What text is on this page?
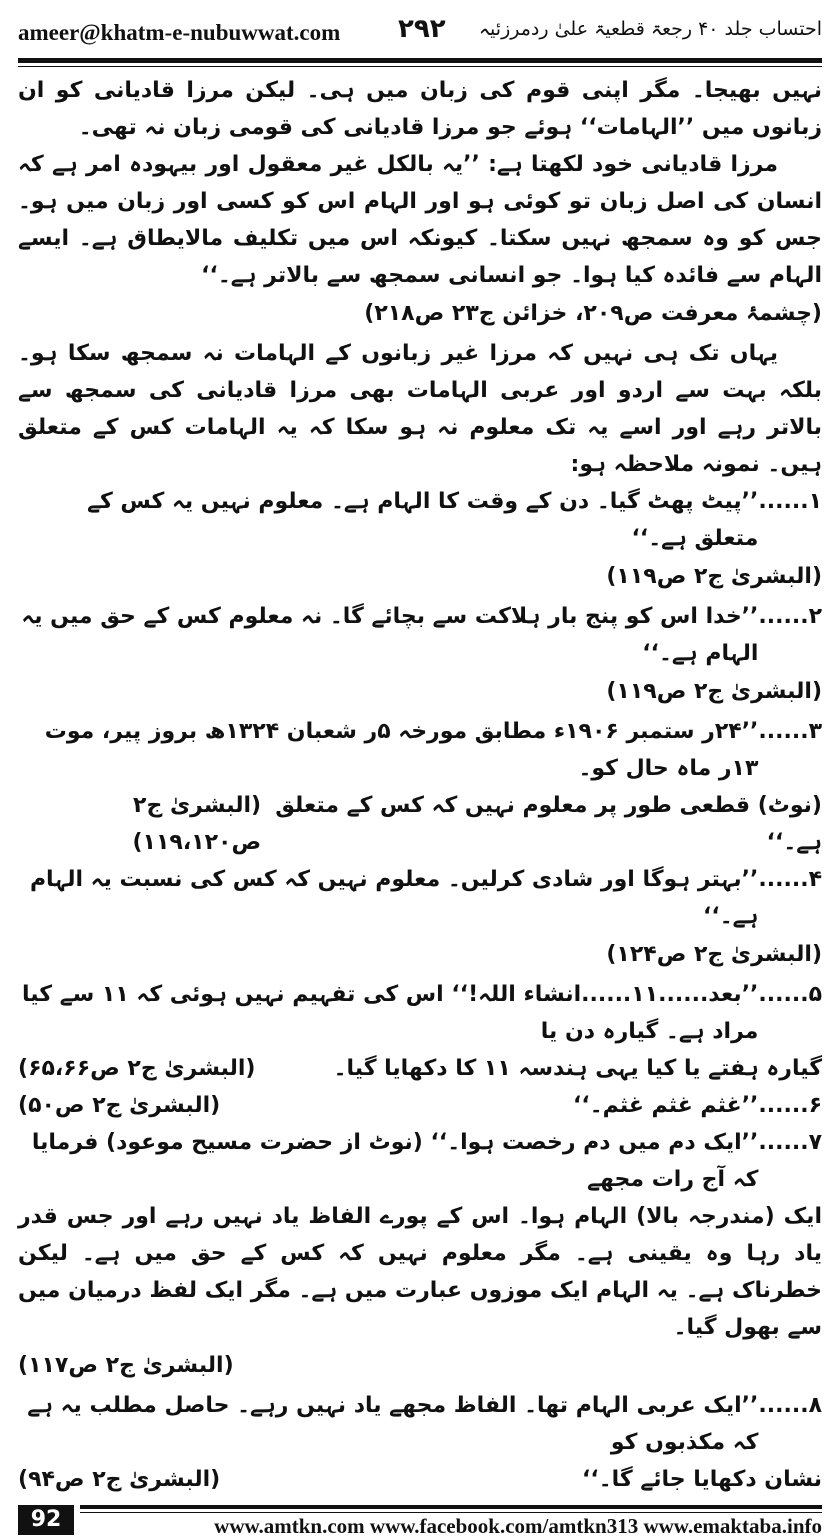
ameer@khatm-e-nubuwwat.com ۲۹۲ احتساب جلد ۴۰ رجعۃ قطعیۃ علیٰ ردمرزئیہ

نہیں بھیجا۔ مگر اپنی قوم کی زبان میں ہی۔ لیکن مرزا قادیانی کو ان زبانوں میں ’’الہامات‘‘ ہوئے جو مرزا قادیانی کی قومی زبان نہ تھی۔

مرزا قادیانی خود لکھتا ہے: ’’یہ بالکل غیر معقول اور بیہودہ امر ہے کہ انسان کی اصل زبان تو کوئی ہو اور الہام اس کو کسی اور زبان میں ہو۔ جس کو وہ سمجھ نہیں سکتا۔ کیونکہ اس میں تکلیف مالایطاق ہے۔ ایسے الہام سے فائدہ کیا ہوا۔ جو انسانی سمجھ سے بالاتر ہے۔‘‘

(چشمۂ معرفت ص۲۰۹، خزائن ج۲۳ ص۲۱۸)

یہاں تک ہی نہیں کہ مرزا غیر زبانوں کے الہامات نہ سمجھ سکا ہو۔ بلکہ بہت سے اردو اور عربی الہامات بھی مرزا قادیانی کی سمجھ سے بالاتر رہے اور اسے یہ تک معلوم نہ ہو سکا کہ یہ الہامات کس کے متعلق ہیں۔ نمونہ ملاحظہ ہو:

۱......
’’پیٹ پھٹ گیا۔ دن کے وقت کا الہام ہے۔ معلوم نہیں یہ کس کے متعلق ہے۔‘‘
(البشریٰ ج۲ ص۱۱۹)
۲......
’’خدا اس کو پنج بار ہلاکت سے بچائے گا۔ نہ معلوم کس کے حق میں یہ الہام ہے۔‘‘
(البشریٰ ج۲ ص۱۱۹)
۳......
’’۲۴ر ستمبر ۱۹۰۶ء مطابق مورخہ ۵ر شعبان ۱۳۲۴ھ بروز پیر، موت ۱۳ر ماہ حال کو۔
(نوٹ) قطعی طور پر معلوم نہیں کہ کس کے متعلق ہے۔‘‘
(البشریٰ ج۲ ص۱۱۹،۱۲۰)
۴......
’’بہتر ہوگا اور شادی کرلیں۔ معلوم نہیں کہ کس کی نسبت یہ الہام ہے۔‘‘
(البشریٰ ج۲ ص۱۲۴)
۵......
’’بعد......۱۱......انشاء اللہ!‘‘ اس کی تفہیم نہیں ہوئی کہ ۱۱ سے کیا مراد ہے۔ گیارہ دن یا
گیارہ ہفتے یا کیا یہی ہندسہ ۱۱ کا دکھایا گیا۔
(البشریٰ ج۲ ص۶۵،۶۶)
۶......
’’غثم غثم غثم۔‘‘
(البشریٰ ج۲ ص۵۰)
۷......
’’ایک دم میں دم رخصت ہوا۔‘‘ (نوٹ از حضرت مسیح موعود) فرمایا کہ آج رات مجھے

ایک (مندرجہ بالا) الہام ہوا۔ اس کے پورے الفاظ یاد نہیں رہے اور جس قدر یاد رہا وہ یقینی ہے۔ مگر معلوم نہیں کہ کس کے حق میں ہے۔ لیکن خطرناک ہے۔ یہ الہام ایک موزوں عبارت میں ہے۔ مگر ایک لفظ درمیان میں سے بھول گیا۔

(البشریٰ ج۲ ص۱۱۷)
۸......
’’ایک عربی الہام تھا۔ الفاظ مجھے یاد نہیں رہے۔ حاصل مطلب یہ ہے کہ مکذبوں کو
نشان دکھایا جائے گا۔‘‘
(البشریٰ ج۲ ص۹۴)
92	www.amtkn.com www.facebook.com/amtkn313 www.emaktaba.info
